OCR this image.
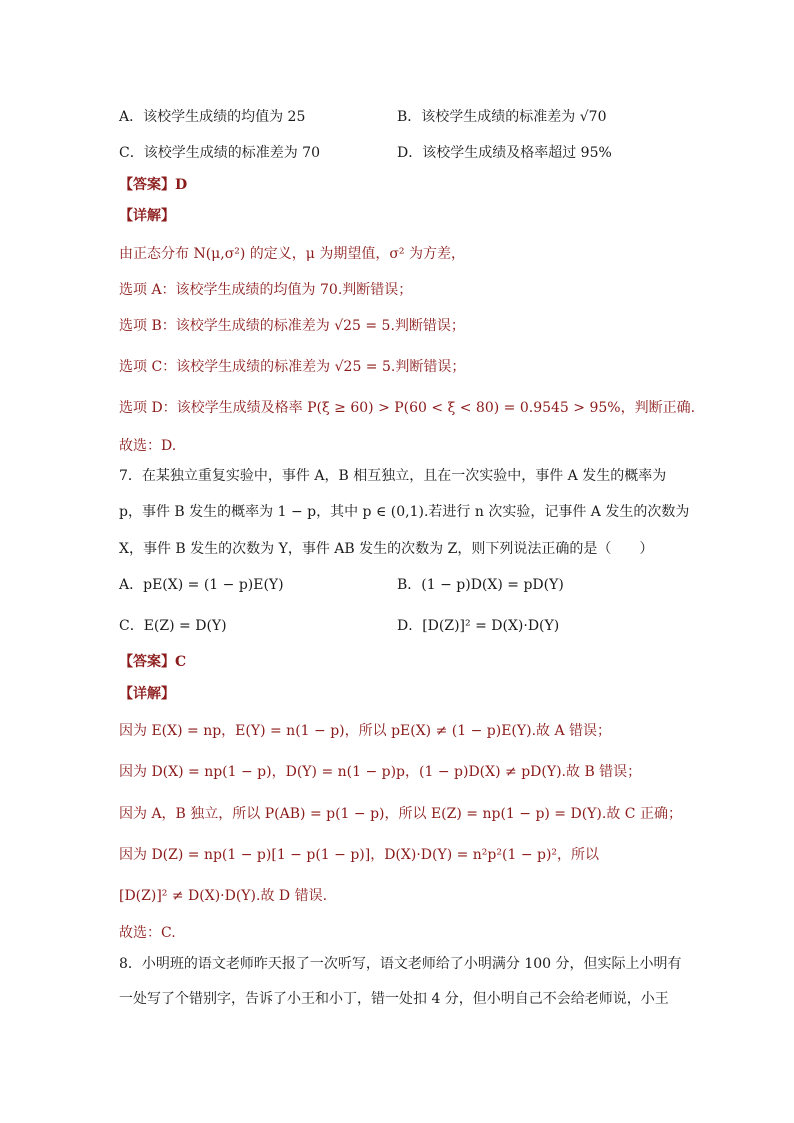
A．该校学生成绩的均值为 25	B．该校学生成绩的标准差为 √70
C．该校学生成绩的标准差为 70	D．该校学生成绩及格率超过 95%
【答案】D
【详解】
由正态分布 N(μ,σ²) 的定义，μ 为期望值，σ² 为方差，
选项 A：该校学生成绩的均值为 70.判断错误；
选项 B：该校学生成绩的标准差为 √25 = 5.判断错误；
选项 C：该校学生成绩的标准差为 √25 = 5.判断错误；
选项 D：该校学生成绩及格率 P(ξ ≥ 60) > P(60 < ξ < 80) = 0.9545 > 95%，判断正确.
故选：D.
7．在某独立重复实验中，事件 A，B 相互独立，且在一次实验中，事件 A 发生的概率为
p，事件 B 发生的概率为 1 − p，其中 p ∈ (0,1).若进行 n 次实验，记事件 A 发生的次数为
X，事件 B 发生的次数为 Y，事件 AB 发生的次数为 Z，则下列说法正确的是（　　）
A．pE(X) = (1 − p)E(Y)	B．(1 − p)D(X) = pD(Y)
C．E(Z) = D(Y)	D．[D(Z)]² = D(X)·D(Y)
【答案】C
【详解】
因为 E(X) = np，E(Y) = n(1 − p)，所以 pE(X) ≠ (1 − p)E(Y).故 A 错误；
因为 D(X) = np(1 − p)，D(Y) = n(1 − p)p，(1 − p)D(X) ≠ pD(Y).故 B 错误；
因为 A，B 独立，所以 P(AB) = p(1 − p)，所以 E(Z) = np(1 − p) = D(Y).故 C 正确；
因为 D(Z) = np(1 − p)[1 − p(1 − p)]，D(X)·D(Y) = n²p²(1 − p)²，所以
[D(Z)]² ≠ D(X)·D(Y).故 D 错误.
故选：C.
8．小明班的语文老师昨天报了一次听写，语文老师给了小明满分 100 分，但实际上小明有
一处写了个错别字，告诉了小王和小丁，错一处扣 4 分，但小明自己不会给老师说，小王
